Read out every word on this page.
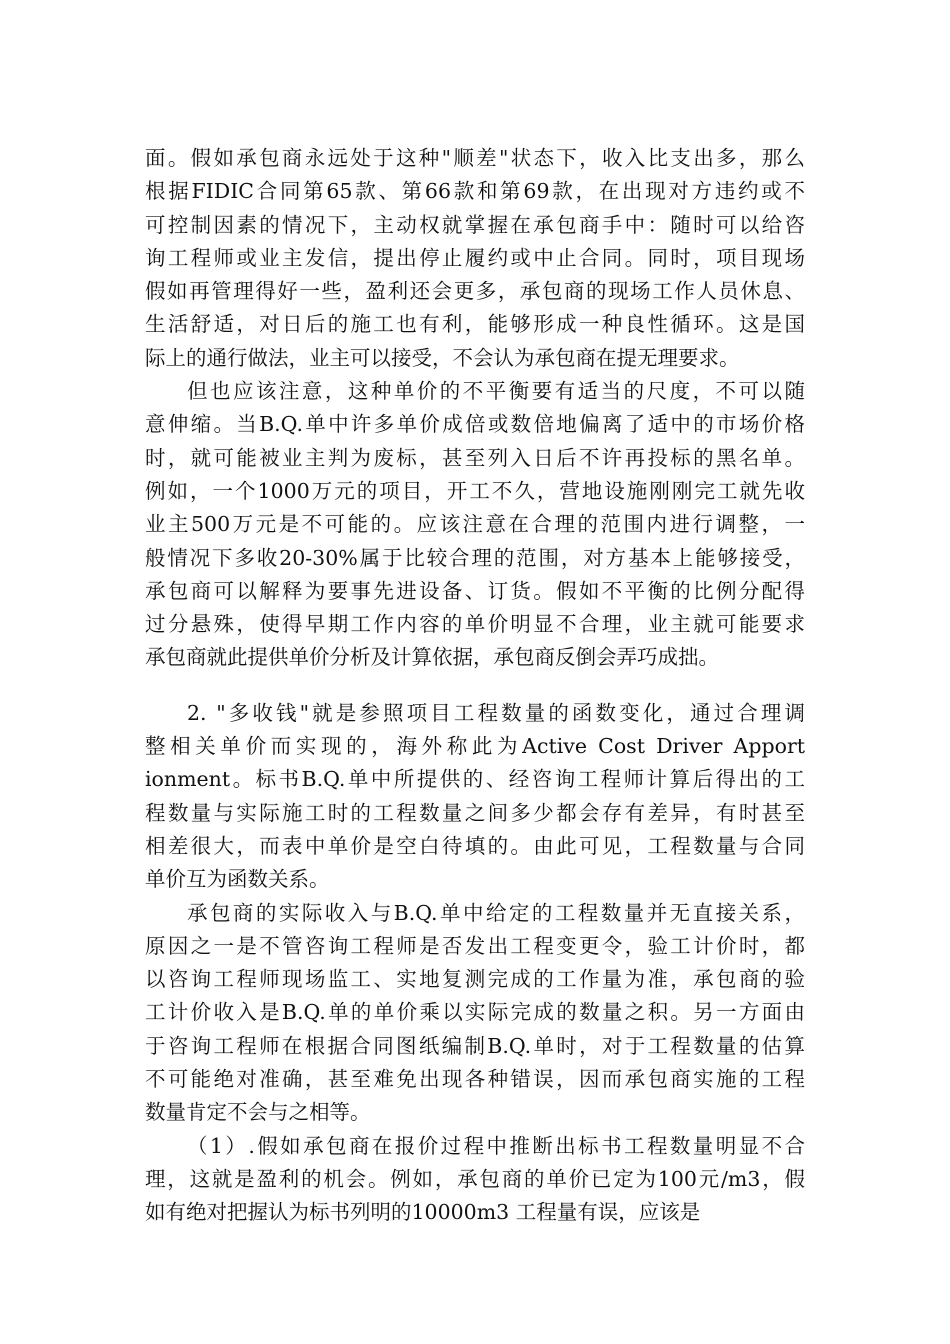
面。假如承包商永远处于这种"顺差"状态下，收入比支出多，那么
根据FIDIC合同第65款、第66款和第69款，在出现对方违约或不
可控制因素的情况下，主动权就掌握在承包商手中：随时可以给咨
询工程师或业主发信，提出停止履约或中止合同。同时，项目现场
假如再管理得好一些，盈利还会更多，承包商的现场工作人员休息、
生活舒适，对日后的施工也有利，能够形成一种良性循环。这是国
际上的通行做法，业主可以接受，不会认为承包商在提无理要求。
但也应该注意，这种单价的不平衡要有适当的尺度，不可以随
意伸缩。当B.Q.单中许多单价成倍或数倍地偏离了适中的市场价格
时，就可能被业主判为废标，甚至列入日后不许再投标的黑名单。
例如，一个1000万元的项目，开工不久，营地设施刚刚完工就先收
业主500万元是不可能的。应该注意在合理的范围内进行调整，一
般情况下多收20-30%属于比较合理的范围，对方基本上能够接受，
承包商可以解释为要事先进设备、订货。假如不平衡的比例分配得
过分悬殊，使得早期工作内容的单价明显不合理，业主就可能要求
承包商就此提供单价分析及计算依据，承包商反倒会弄巧成拙。
2. "多收钱"就是参照项目工程数量的函数变化，通过合理调
整相关单价而实现的，海外称此为Active Cost Driver Apport
ionment。标书B.Q.单中所提供的、经咨询工程师计算后得出的工
程数量与实际施工时的工程数量之间多少都会存有差异，有时甚至
相差很大，而表中单价是空白待填的。由此可见，工程数量与合同
单价互为函数关系。
承包商的实际收入与B.Q.单中给定的工程数量并无直接关系，
原因之一是不管咨询工程师是否发出工程变更令，验工计价时，都
以咨询工程师现场监工、实地复测完成的工作量为准，承包商的验
工计价收入是B.Q.单的单价乘以实际完成的数量之积。另一方面由
于咨询工程师在根据合同图纸编制B.Q.单时，对于工程数量的估算
不可能绝对准确，甚至难免出现各种错误，因而承包商实施的工程
数量肯定不会与之相等。
（1）.假如承包商在报价过程中推断出标书工程数量明显不合
理，这就是盈利的机会。例如，承包商的单价已定为100元/m3，假
如有绝对把握认为标书列明的10000m3 工程量有误，应该是
